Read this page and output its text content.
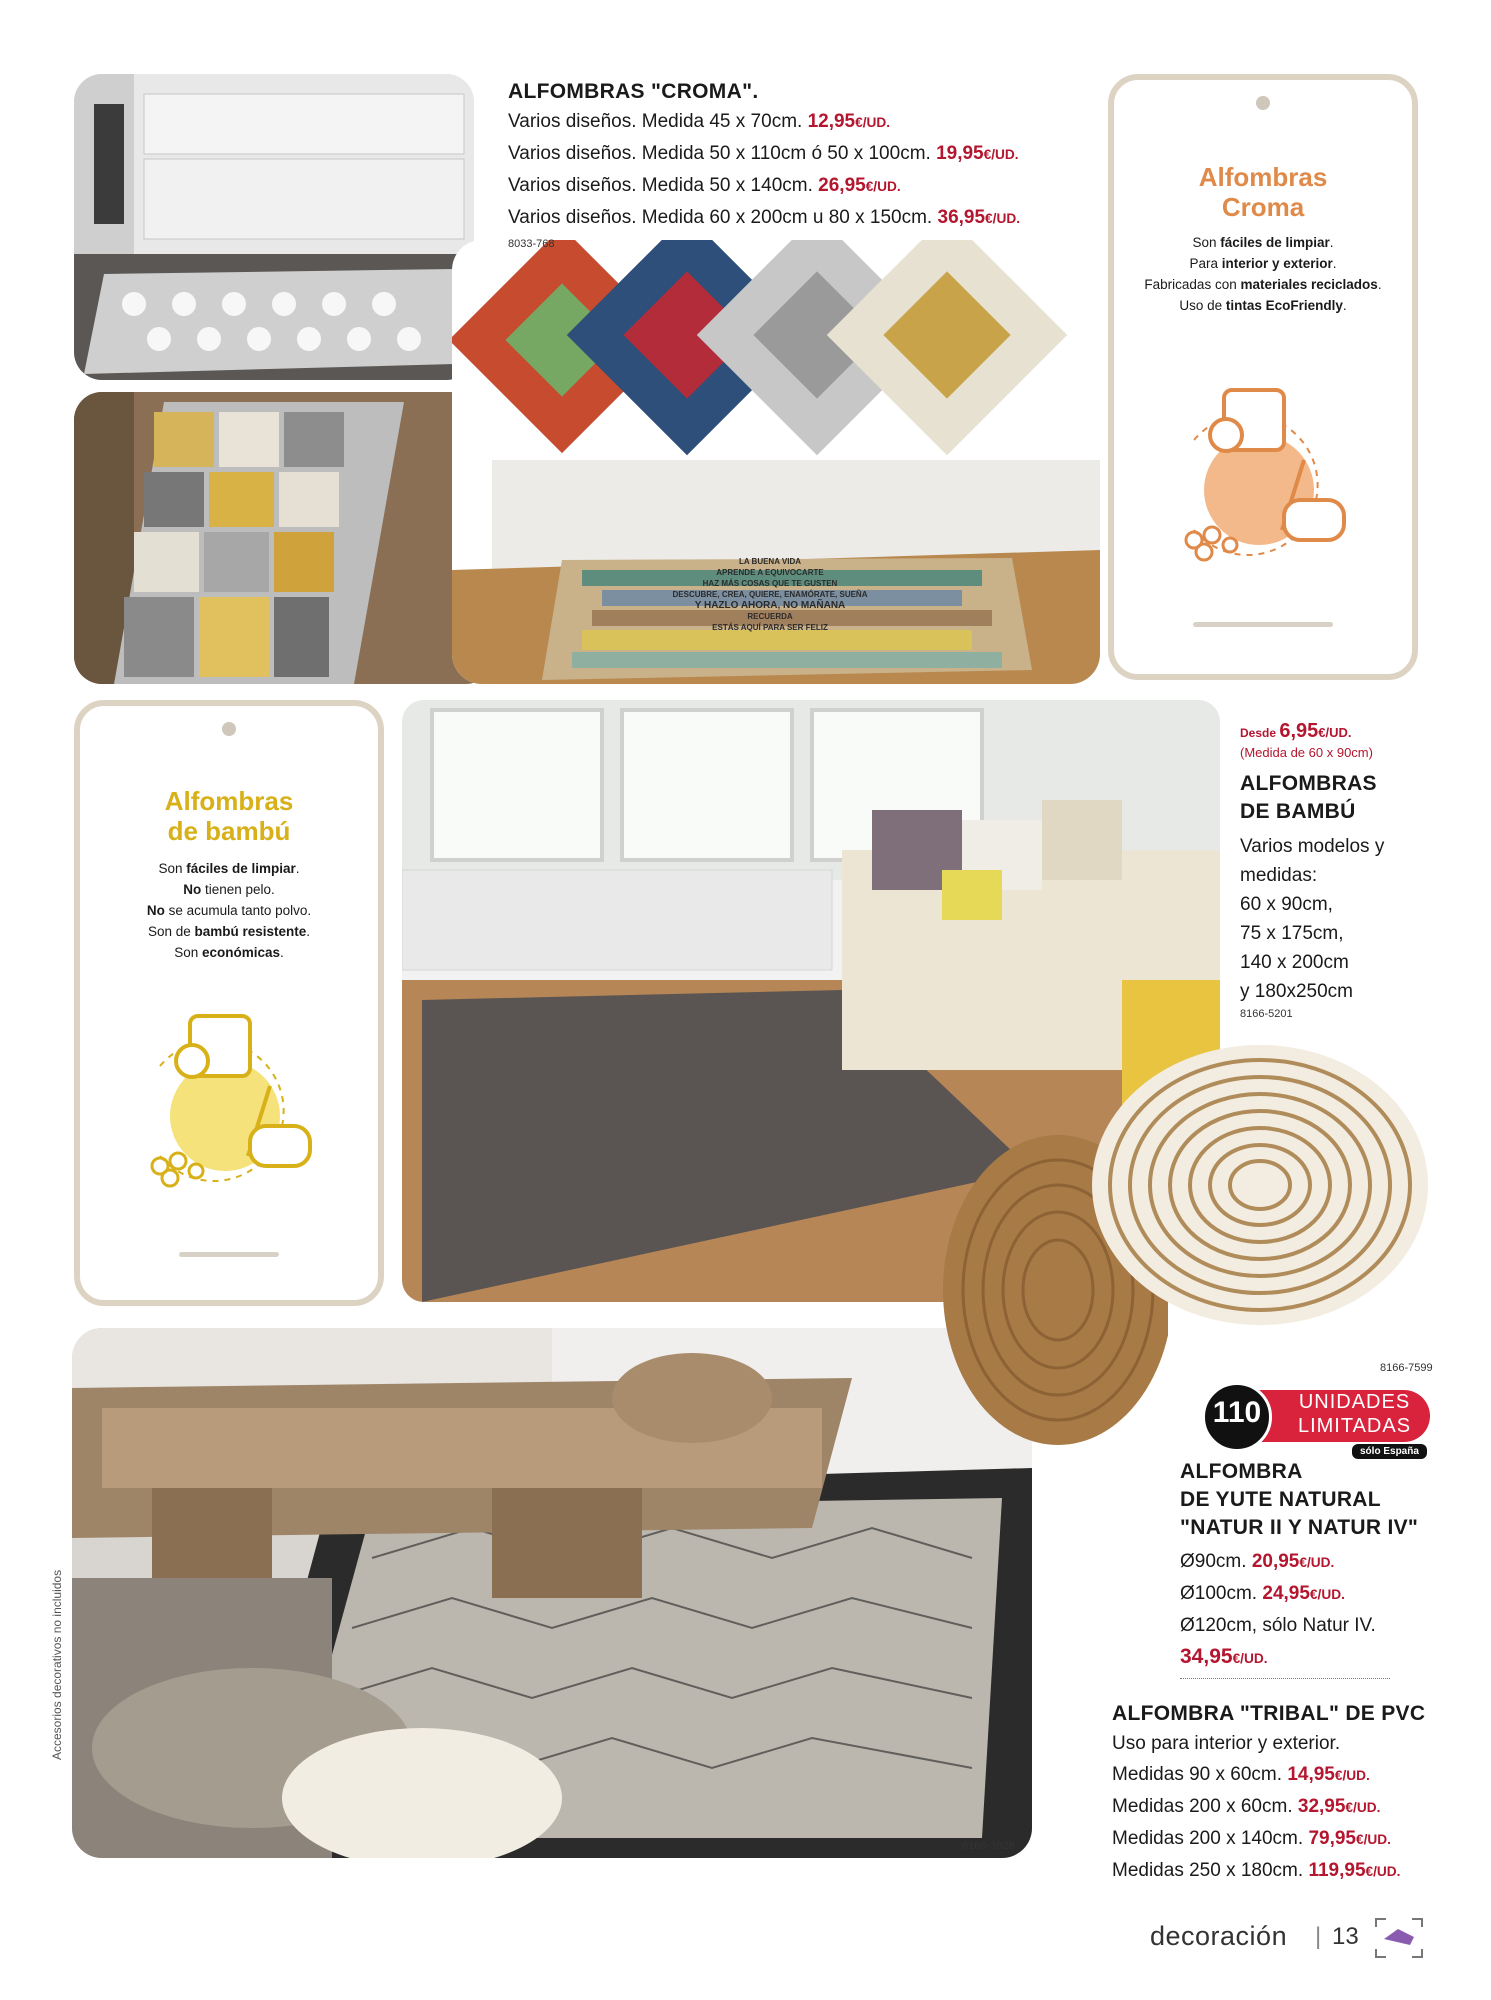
ALFOMBRAS "CROMA".
Varios diseños. Medida 45 x 70cm. 12,95€/UD.
Varios diseños. Medida 50 x 110cm ó 50 x 100cm. 19,95€/UD.
Varios diseños. Medida 50 x 140cm. 26,95€/UD.
Varios diseños. Medida 60 x 200cm u 80 x 150cm. 36,95€/UD.
8033-768
LA BUENA VIDA
APRENDE A EQUIVOCARTE
HAZ MÁS COSAS QUE TE GUSTEN
DESCUBRE, CREA, QUIERE, ENAMÓRATE, SUEÑA
Y HAZLO AHORA, NO MAÑANA
RECUERDA
ESTÁS AQUÍ PARA SER FELIZ
Alfombras
Croma
Son fáciles de limpiar.
Para interior y exterior.
Fabricadas con materiales reciclados.
Uso de tintas EcoFriendly.
Alfombras
de bambú
Son fáciles de limpiar.
No tienen pelo.
No se acumula tanto polvo.
Son de bambú resistente.
Son económicas.
Desde 6,95€/UD.
(Medida de 60 x 90cm)
ALFOMBRAS
DE BAMBÚ
Varios modelos y
medidas:
60 x 90cm,
75 x 175cm,
140 x 200cm
y 180x250cm
8166-5201
8166-7599
110	UNIDADES
LIMITADAS
sólo España
ALFOMBRA
DE YUTE NATURAL
"NATUR II Y NATUR IV"
Ø90cm. 20,95€/UD.
Ø100cm. 24,95€/UD.
Ø120cm, sólo Natur IV.
34,95€/UD.
ALFOMBRA "TRIBAL" DE PVC
Uso para interior y exterior.
Medidas 90 x 60cm. 14,95€/UD.
Medidas 200 x 60cm. 32,95€/UD.
Medidas 200 x 140cm. 79,95€/UD.
Medidas 250 x 180cm. 119,95€/UD.
8166-3928
Accesorios decorativos no incluidos
decoración | 13
